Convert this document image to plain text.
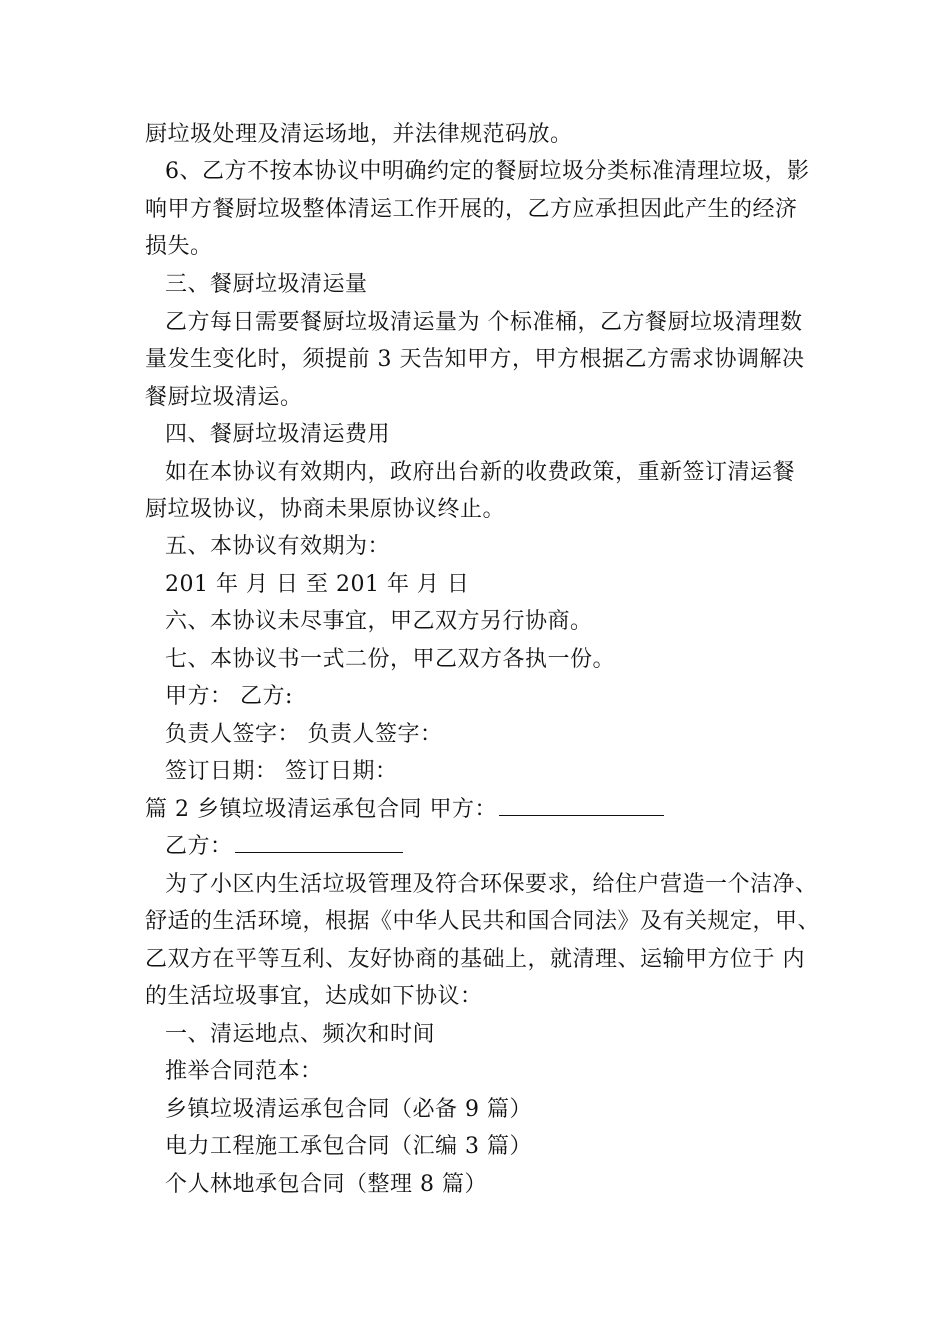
厨垃圾处理及清运场地，并法律规范码放。
6、乙方不按本协议中明确约定的餐厨垃圾分类标准清理垃圾，影
响甲方餐厨垃圾整体清运工作开展的，乙方应承担因此产生的经济
损失。
三、餐厨垃圾清运量
乙方每日需要餐厨垃圾清运量为 个标准桶，乙方餐厨垃圾清理数
量发生变化时，须提前 3 天告知甲方，甲方根据乙方需求协调解决
餐厨垃圾清运。
四、餐厨垃圾清运费用
如在本协议有效期内，政府出台新的收费政策，重新签订清运餐
厨垃圾协议，协商未果原协议终止。
五、本协议有效期为：
201 年 月 日 至 201 年 月 日
六、本协议未尽事宜，甲乙双方另行协商。
七、本协议书一式二份，甲乙双方各执一份。
甲方： 乙方:
负责人签字： 负责人签字：
签订日期： 签订日期：
篇 2 乡镇垃圾清运承包合同 甲方：
乙方：
为了小区内生活垃圾管理及符合环保要求，给住户营造一个洁净、
舒适的生活环境，根据《中华人民共和国合同法》及有关规定，甲、
乙双方在平等互利、友好协商的基础上，就清理、运输甲方位于 内
的生活垃圾事宜，达成如下协议：
一、清运地点、频次和时间
推举合同范本：
乡镇垃圾清运承包合同（必备 9 篇）
电力工程施工承包合同（汇编 3 篇）
个人林地承包合同（整理 8 篇）
